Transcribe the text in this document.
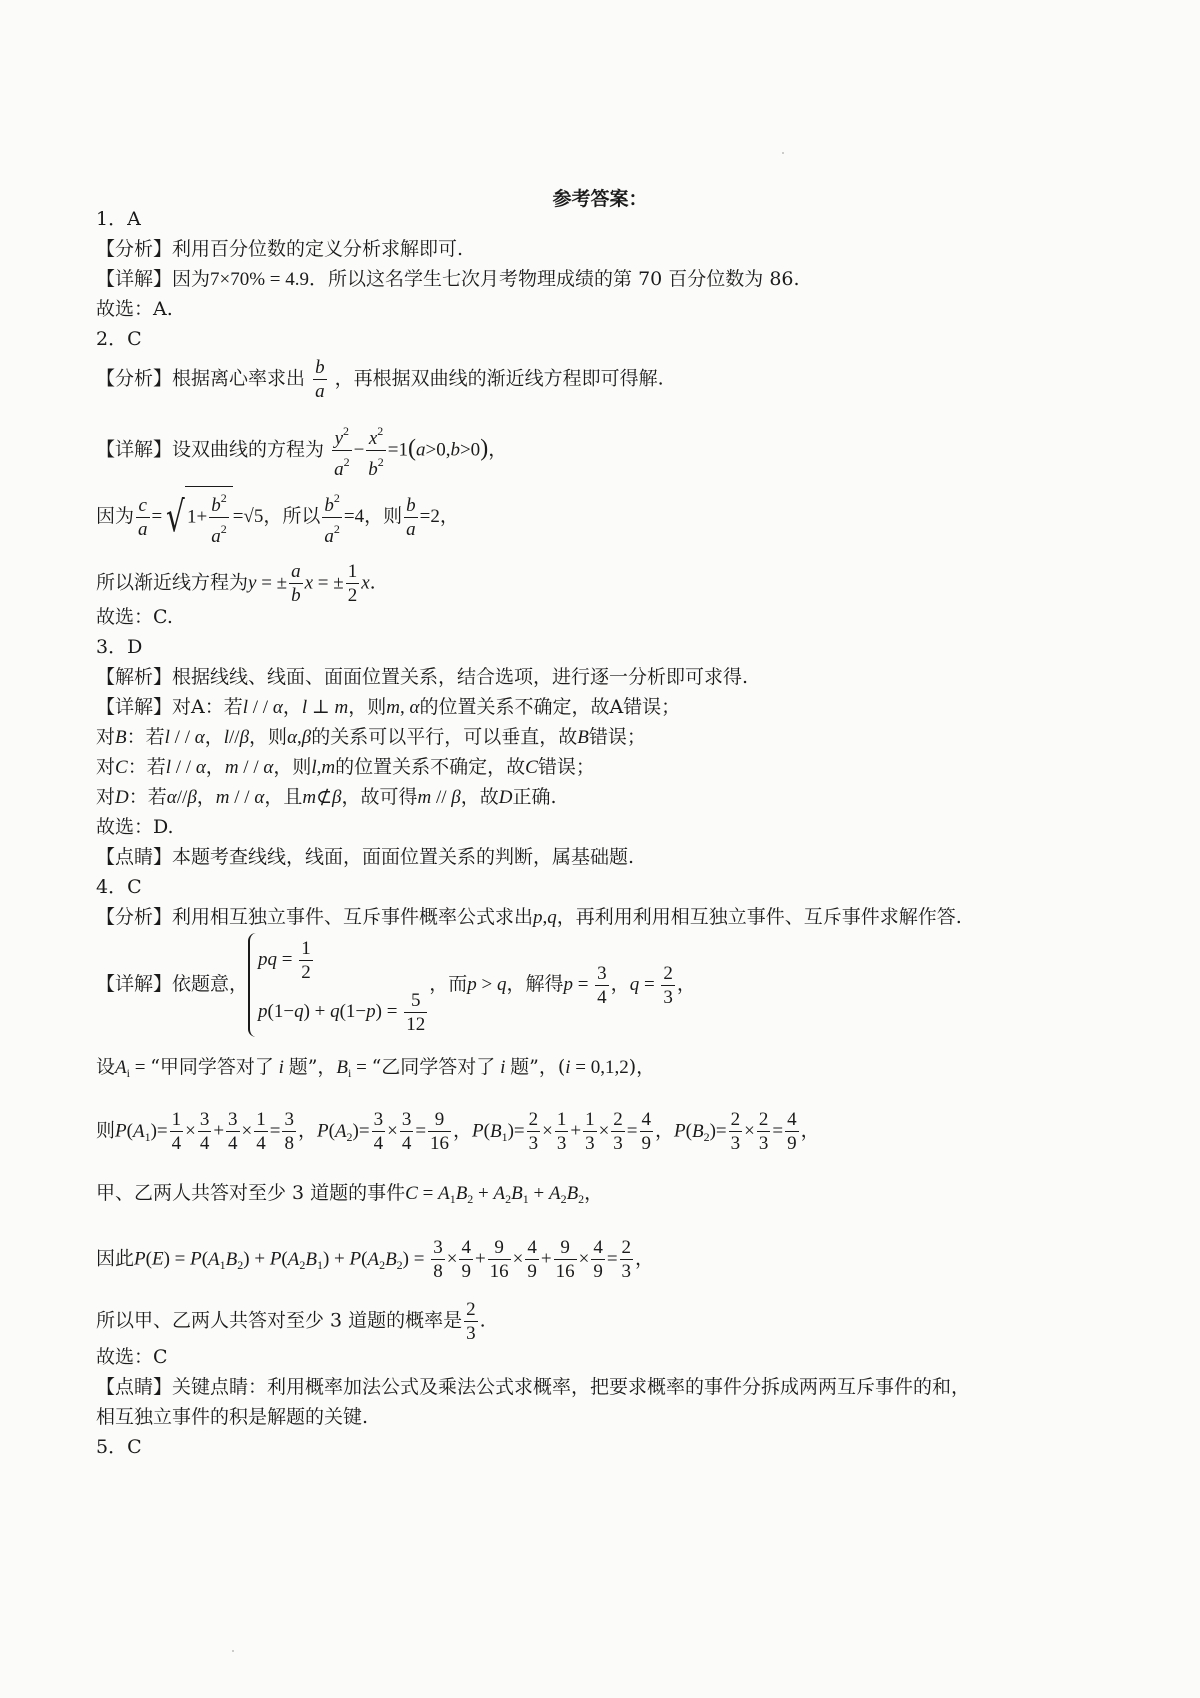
参考答案：
1．A
【分析】利用百分位数的定义分析求解即可.
【详解】因为7×70% = 4.9．所以这名学生七次月考物理成绩的第 70 百分位数为 86.
故选：A.
2．C
【分析】根据离心率求出 $\frac{b}{a}$ ，再根据双曲线的渐近线方程即可得解.
【详解】设双曲线的方程为 $\frac{y^2}{a^2} - \frac{x^2}{b^2} =1(a>0,b>0)$，
因为 $\frac{c}{a}$ =√ $1+ \frac{b^2}{a^2} =√5$，所以 $\frac{b^2}{a^2} =4$，则 $\frac{b}{a} =2$，
所以渐近线方程为y = ± $\frac{a}{b}$ x = ± $\frac{1}{2} x$.
故选：C.
3．D
【解析】根据线线、线面、面面位置关系，结合选项，进行逐一分析即可求得.
【详解】对A：若l / / α，l ⊥ m，则m, α的位置关系不确定，故A错误；
对B：若l / / α，l//β，则α,β的关系可以平行，可以垂直，故B错误；
对C：若l / / α，m / / α，则l,m的位置关系不确定，故C错误；
对D：若α//β，m / / α，且m⊄β，故可得m // β，故D正确.
故选：D.
【点睛】本题考查线线，线面，面面位置关系的判断，属基础题.
4．C
【分析】利用相互独立事件、互斥事件概率公式求出p,q，再利用利用相互独立事件、互斥事件求解作答.
【详解】依题意，
pq = $\frac{1}{2}$
$p(1-q) + q(1-p) = \frac{5}{12}$
，而p > q，解得$p = \frac{3}{4}$ ，$q = \frac{2}{3}$ ，
设$A_i$ = “甲同学答对了 i 题”，$B_i$ = “乙同学答对了 i 题”，(i = 0,1,2)，
则$P(A_1)= \frac{1}{4} \times \frac{3}{4} + \frac{3}{4} \times \frac{1}{4} = \frac{3}{8}$ ，$P(A_2)= \frac{3}{4} \times \frac{3}{4} = \frac{9}{16}$ ，$P(B_1)= \frac{2}{3} \times \frac{1}{3} + \frac{1}{3} \times \frac{2}{3} = \frac{4}{9}$ ，$P(B_2)= \frac{2}{3} \times \frac{2}{3} = \frac{4}{9}$ ，
甲、乙两人共答对至少 3 道题的事件$C = A_1B_2 + A_2B_1 + A_2B_2$，
因此$P(E) = P(A_1B_2) + P(A_2B_1) + P(A_2B_2) = \frac{3}{8} \times \frac{4}{9} + \frac{9}{16} \times \frac{4}{9} + \frac{9}{16} \times \frac{4}{9} = \frac{2}{3}$ ，
所以甲、乙两人共答对至少 3 道题的概率是 $\frac{2}{3}$ .
故选：C
【点睛】关键点睛：利用概率加法公式及乘法公式求概率，把要求概率的事件分拆成两两互斥事件的和，
相互独立事件的积是解题的关键.
5．C
